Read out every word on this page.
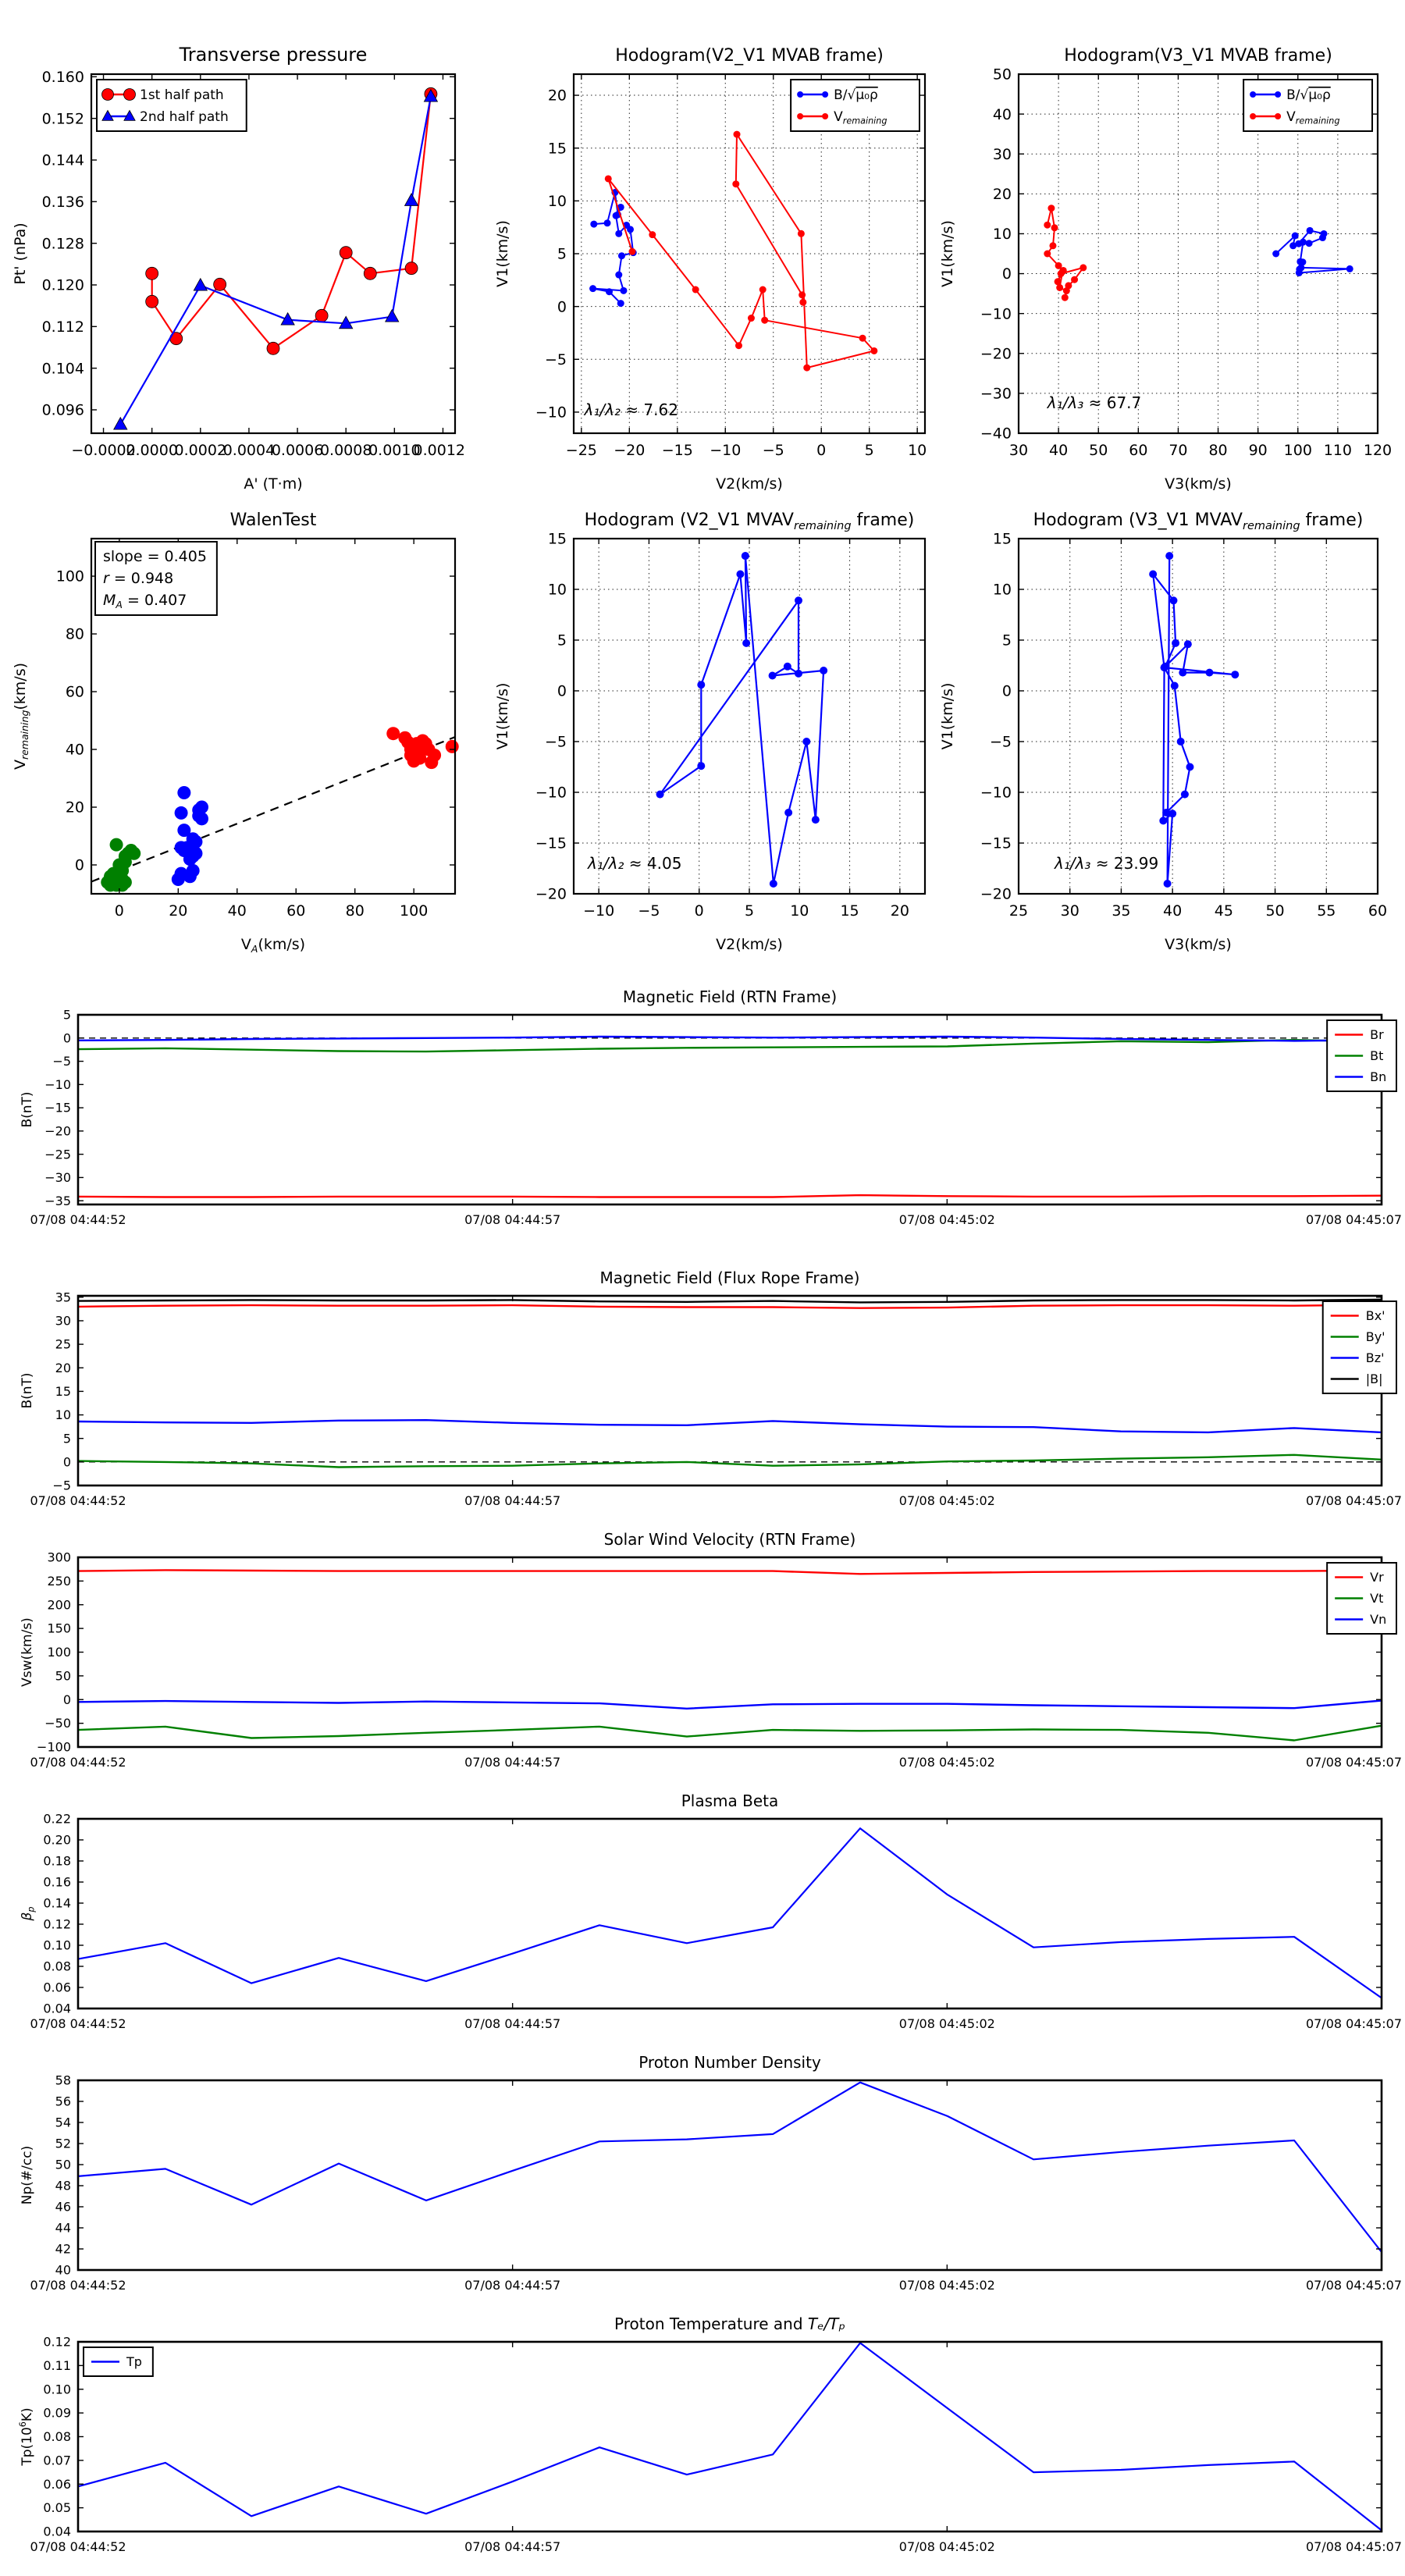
−0.0002
0.0000
0.0002
0.0004
0.0006
0.0008
0.0010
0.0012
0.096
0.104
0.112
0.120
0.128
0.136
0.144
0.152
0.160
Transverse pressure
A' (T·m)
Pt' (nPa)
1st half path
2nd half path
−25 −20 −15 −10 −5 0	5 10
−10
−5
0
5
10
15
20
Hodogram(V2_V1 MVAB frame)
V2(km/s)
V1(km/s)
B/√μ₀ρ
$V_{remaining}$
λ₁/λ₂ ≈ 7.62
30 40 50 60 70 80 90 100 110 120
−40
−30
−20
−10
0
10
20
30
40
50
Hodogram(V3_V1 MVAB frame)
V3(km/s)
V1(km/s)
B/√μ₀ρ
$V_{remaining}$
λ₁/λ₃ ≈ 67.7
0	20	40	60	80 100
0
20
40
60
80
100
WalenTest
$V_A(km/s)$
$V_{remaining}(km/s)$
slope = 0.405
r = 0.948
$M_A = 0.407$
−10 −5 0	5 10 15 20
−20
−15
−10
−5
0
5
10
15
Hodogram (V2_V1 $MVAV_{remaining}$ frame)
V2(km/s)
V1(km/s)
λ₁/λ₂ ≈ 4.05
25 30 35 40 45 50 55 60
−20
−15
−10
−5
0
5
10
15
Hodogram (V3_V1 $MVAV_{remaining}$ frame)
V3(km/s)
V1(km/s)
λ₁/λ₃ ≈ 23.99
07/08 04:44:52	07/08 04:44:57	07/08 04:45:02	07/08 04:45:07
−35
−30
−25
−20
−15
−10
−5
0
5
Magnetic Field (RTN Frame)
B(nT)
Br
Bt
Bn
07/08 04:44:52	07/08 04:44:57	07/08 04:45:02	07/08 04:45:07
−5
0
5
10
15
20
25
30
35
Magnetic Field (Flux Rope Frame)
B(nT)
Bx'
By'
Bz'
|B|
07/08 04:44:52	07/08 04:44:57	07/08 04:45:02	07/08 04:45:07
−100
−50
0
50
100
150
200
250
300
Solar Wind Velocity (RTN Frame)
Vsw(km/s)
Vr
Vt
Vn
07/08 04:44:52	07/08 04:44:57	07/08 04:45:02	07/08 04:45:07
0.04
0.06
0.08
0.10
0.12
0.14
0.16
0.18
0.20
0.22
Plasma Beta
$\beta_p$
07/08 04:44:52	07/08 04:44:57	07/08 04:45:02	07/08 04:45:07
40
42
44
46
48
50
52
54
56
58
Proton Number Density
Np(#/cc)
07/08 04:44:52	07/08 04:44:57	07/08 04:45:02	07/08 04:45:07
0.04
0.05
0.06
0.07
0.08
0.09
0.10
0.11
0.12
Proton Temperature and Tₑ/Tₚ
$Tp(10^6K)$
Tp
